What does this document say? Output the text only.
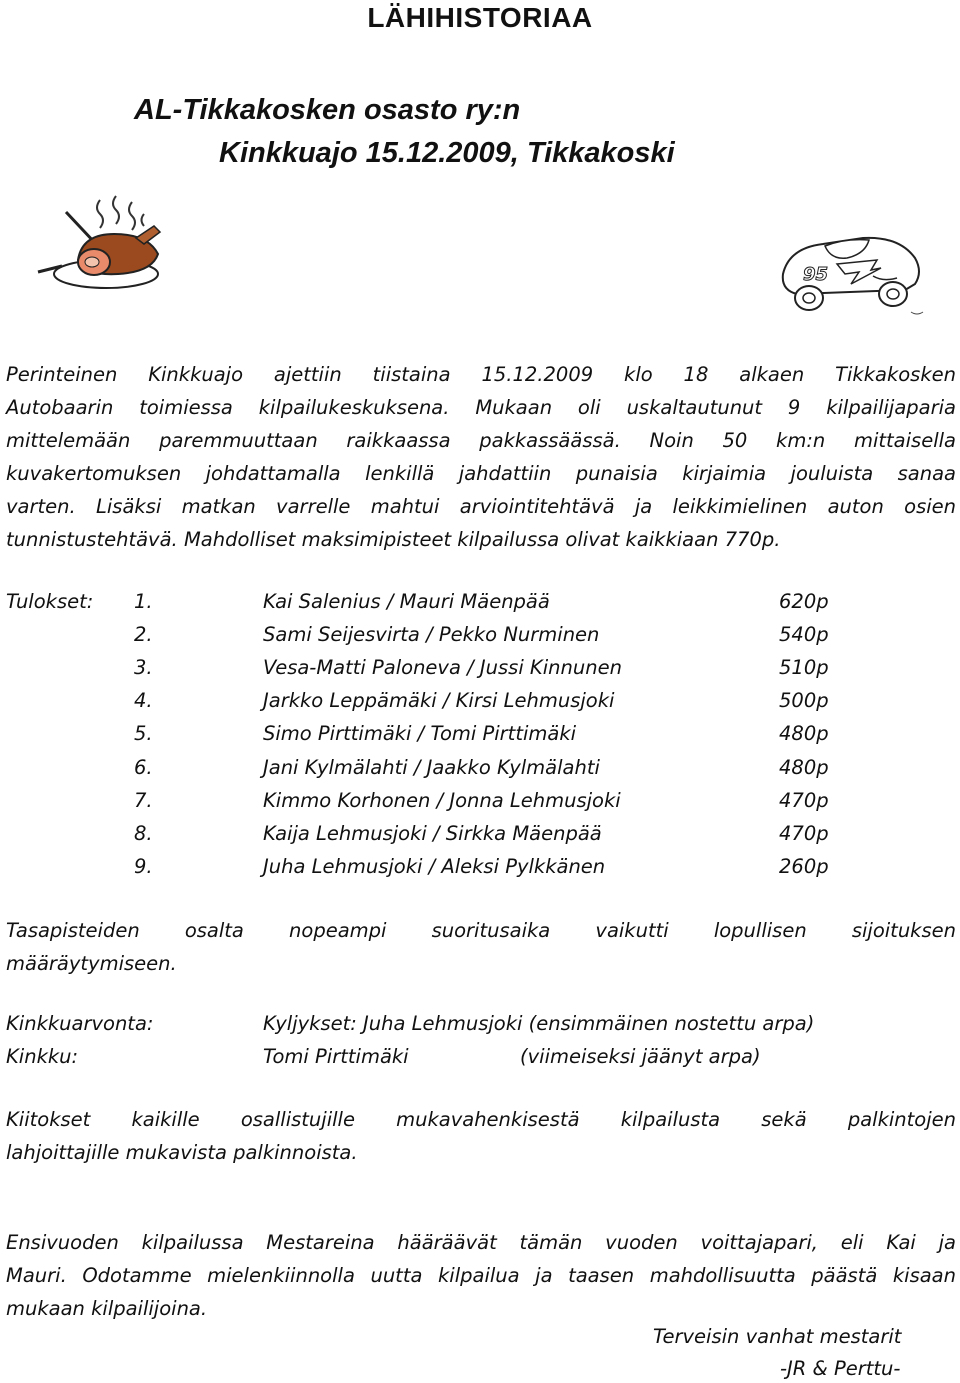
LÄHIHISTORIAA
AL-Tikkakosken osasto ry:n
Kinkkuajo 15.12.2009, Tikkakoski
95
Perinteinen Kinkkuajo ajettiin tiistaina 15.12.2009 klo 18 alkaen Tikkakosken
Autobaarin toimiessa kilpailukeskuksena. Mukaan oli uskaltautunut 9 kilpailijaparia
mittelemään paremmuuttaan raikkaassa pakkassäässä. Noin 50 km:n mittaisella
kuvakertomuksen johdattamalla lenkillä jahdattiin punaisia kirjaimia jouluista sanaa
varten. Lisäksi matkan varrelle mahtui arviointitehtävä ja leikkimielinen auton osien
tunnistustehtävä. Mahdolliset maksimipisteet kilpailussa olivat kaikkiaan 770p.
Tulokset: 1.	Kai Salenius / Mauri Mäenpää	620p
2.	Sami Seijesvirta / Pekko Nurminen	540p
3.	Vesa-Matti Paloneva / Jussi Kinnunen	510p
4.	Jarkko Leppämäki / Kirsi Lehmusjoki	500p
5.	Simo Pirttimäki / Tomi Pirttimäki	480p
6.	Jani Kylmälahti / Jaakko Kylmälahti	480p
7.	Kimmo Korhonen / Jonna Lehmusjoki	470p
8.	Kaija Lehmusjoki / Sirkka Mäenpää	470p
9.	Juha Lehmusjoki / Aleksi Pylkkänen	260p
Tasapisteiden osalta nopeampi suoritusaika vaikutti lopullisen sijoituksen
määräytymiseen.
Kinkkuarvonta:	Kyljykset: Juha Lehmusjoki (ensimmäinen nostettu arpa)
Kinkku:	Tomi Pirttimäki	(viimeiseksi jäänyt arpa)
Kiitokset kaikille osallistujille mukavahenkisestä kilpailusta sekä palkintojen
lahjoittajille mukavista palkinnoista.
Ensivuoden kilpailussa Mestareina hääräävät tämän vuoden voittajapari, eli Kai ja
Mauri. Odotamme mielenkiinnolla uutta kilpailua ja taasen mahdollisuutta päästä kisaan
mukaan kilpailijoina.
Terveisin vanhat mestarit
-JR & Perttu-
